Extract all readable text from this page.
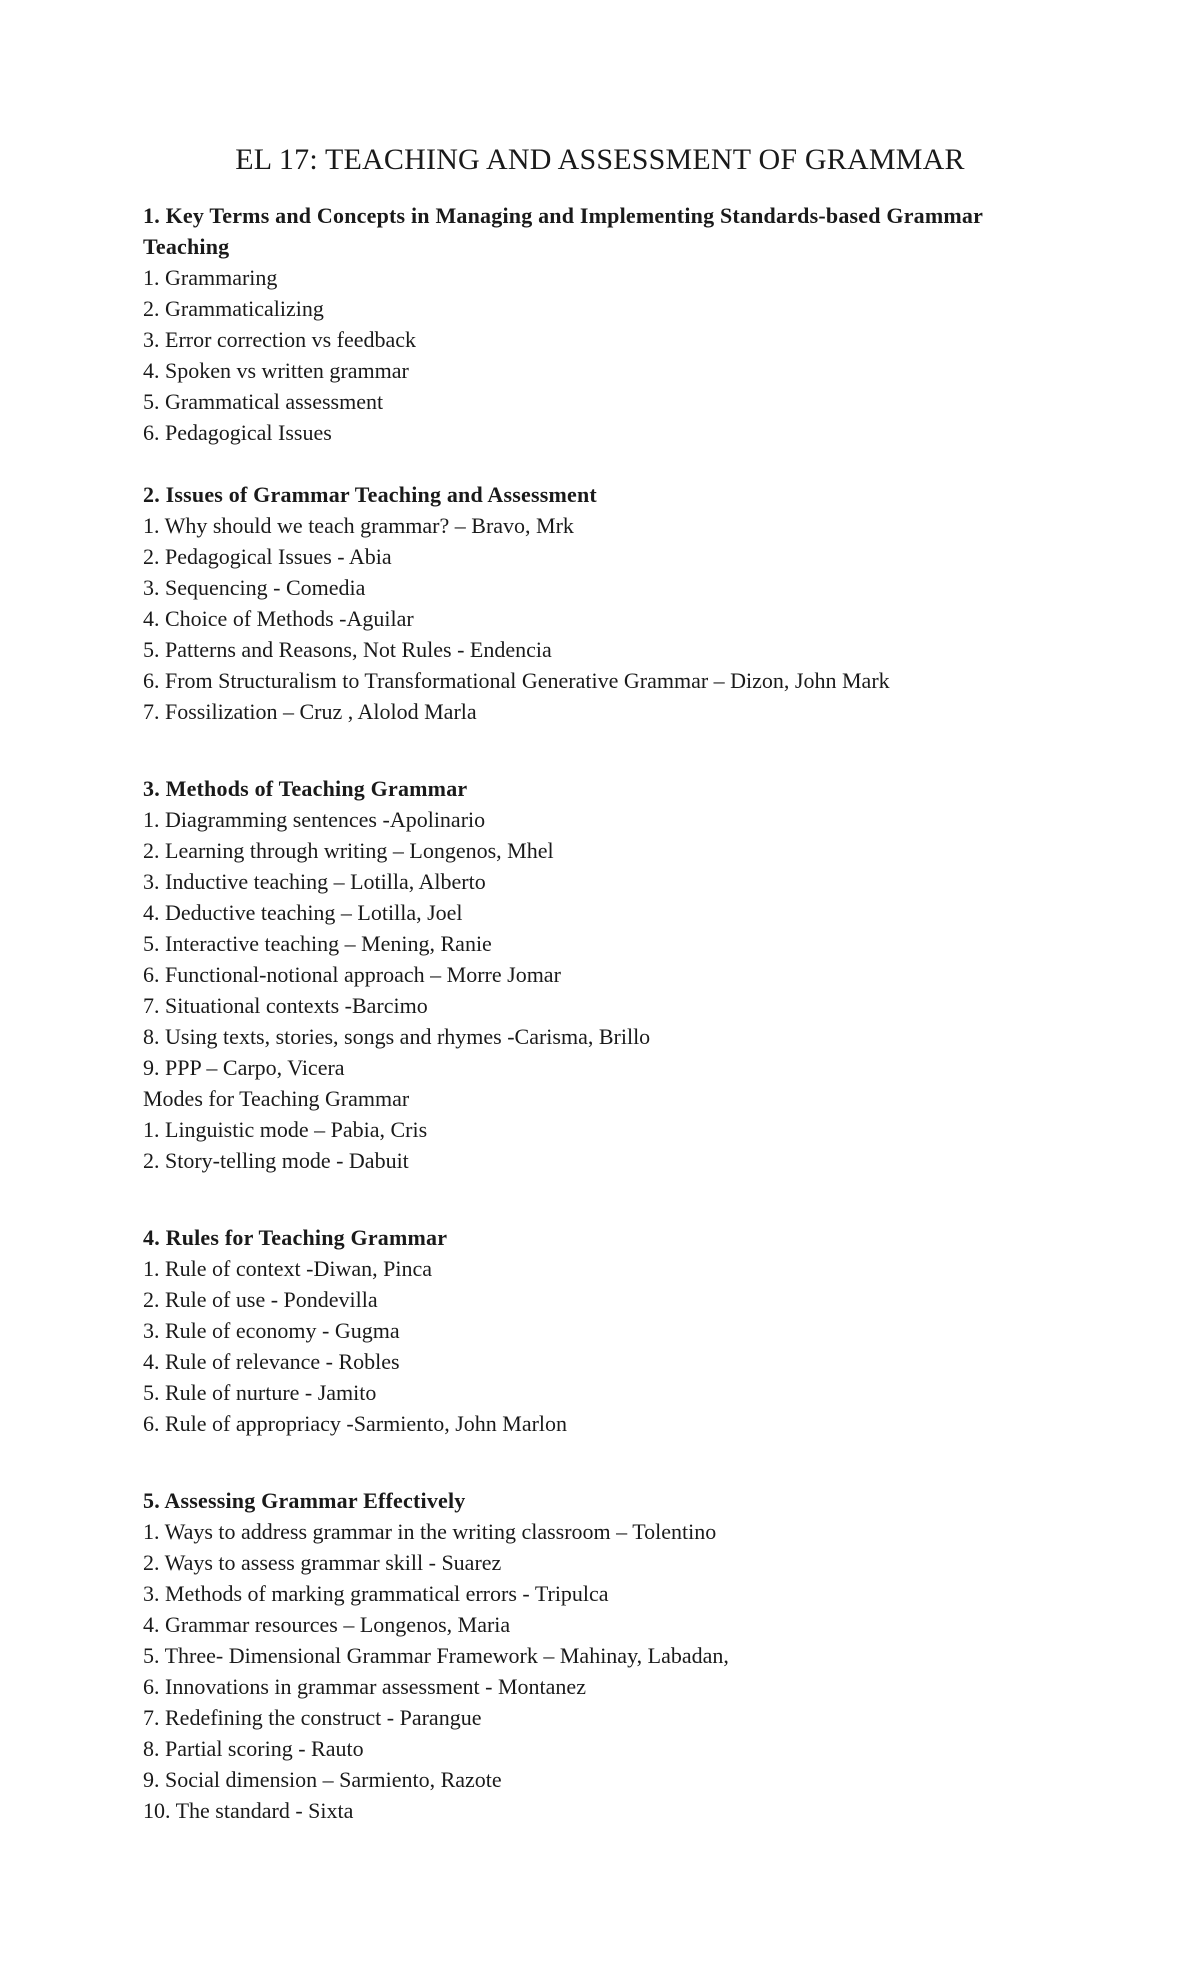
EL 17: TEACHING AND ASSESSMENT OF GRAMMAR

1. Key Terms and Concepts in Managing and Implementing Standards-based Grammar

Teaching

1. Grammaring

2. Grammaticalizing

3. Error correction vs feedback

4. Spoken vs written grammar

5. Grammatical assessment

6. Pedagogical Issues

2. Issues of Grammar Teaching and Assessment

1. Why should we teach grammar? – Bravo, Mrk

2. Pedagogical Issues - Abia

3. Sequencing - Comedia

4. Choice of Methods -Aguilar

5. Patterns and Reasons, Not Rules - Endencia

6. From Structuralism to Transformational Generative Grammar – Dizon, John Mark

7. Fossilization – Cruz , Alolod Marla

3. Methods of Teaching Grammar

1. Diagramming sentences -Apolinario

2. Learning through writing – Longenos, Mhel

3. Inductive teaching – Lotilla, Alberto

4. Deductive teaching – Lotilla, Joel

5. Interactive teaching – Mening, Ranie

6. Functional-notional approach – Morre Jomar

7. Situational contexts -Barcimo

8. Using texts, stories, songs and rhymes -Carisma, Brillo

9. PPP – Carpo, Vicera

Modes for Teaching Grammar

1. Linguistic mode – Pabia, Cris

2. Story-telling mode - Dabuit

4. Rules for Teaching Grammar

1. Rule of context -Diwan, Pinca

2. Rule of use - Pondevilla

3. Rule of economy - Gugma

4. Rule of relevance - Robles

5. Rule of nurture - Jamito

6. Rule of appropriacy -Sarmiento, John Marlon

5. Assessing Grammar Effectively

1. Ways to address grammar in the writing classroom – Tolentino

2. Ways to assess grammar skill - Suarez

3. Methods of marking grammatical errors - Tripulca

4. Grammar resources – Longenos, Maria

5. Three- Dimensional Grammar Framework – Mahinay, Labadan,

6. Innovations in grammar assessment - Montanez

7. Redefining the construct - Parangue

8. Partial scoring - Rauto

9. Social dimension – Sarmiento, Razote

10. The standard - Sixta
